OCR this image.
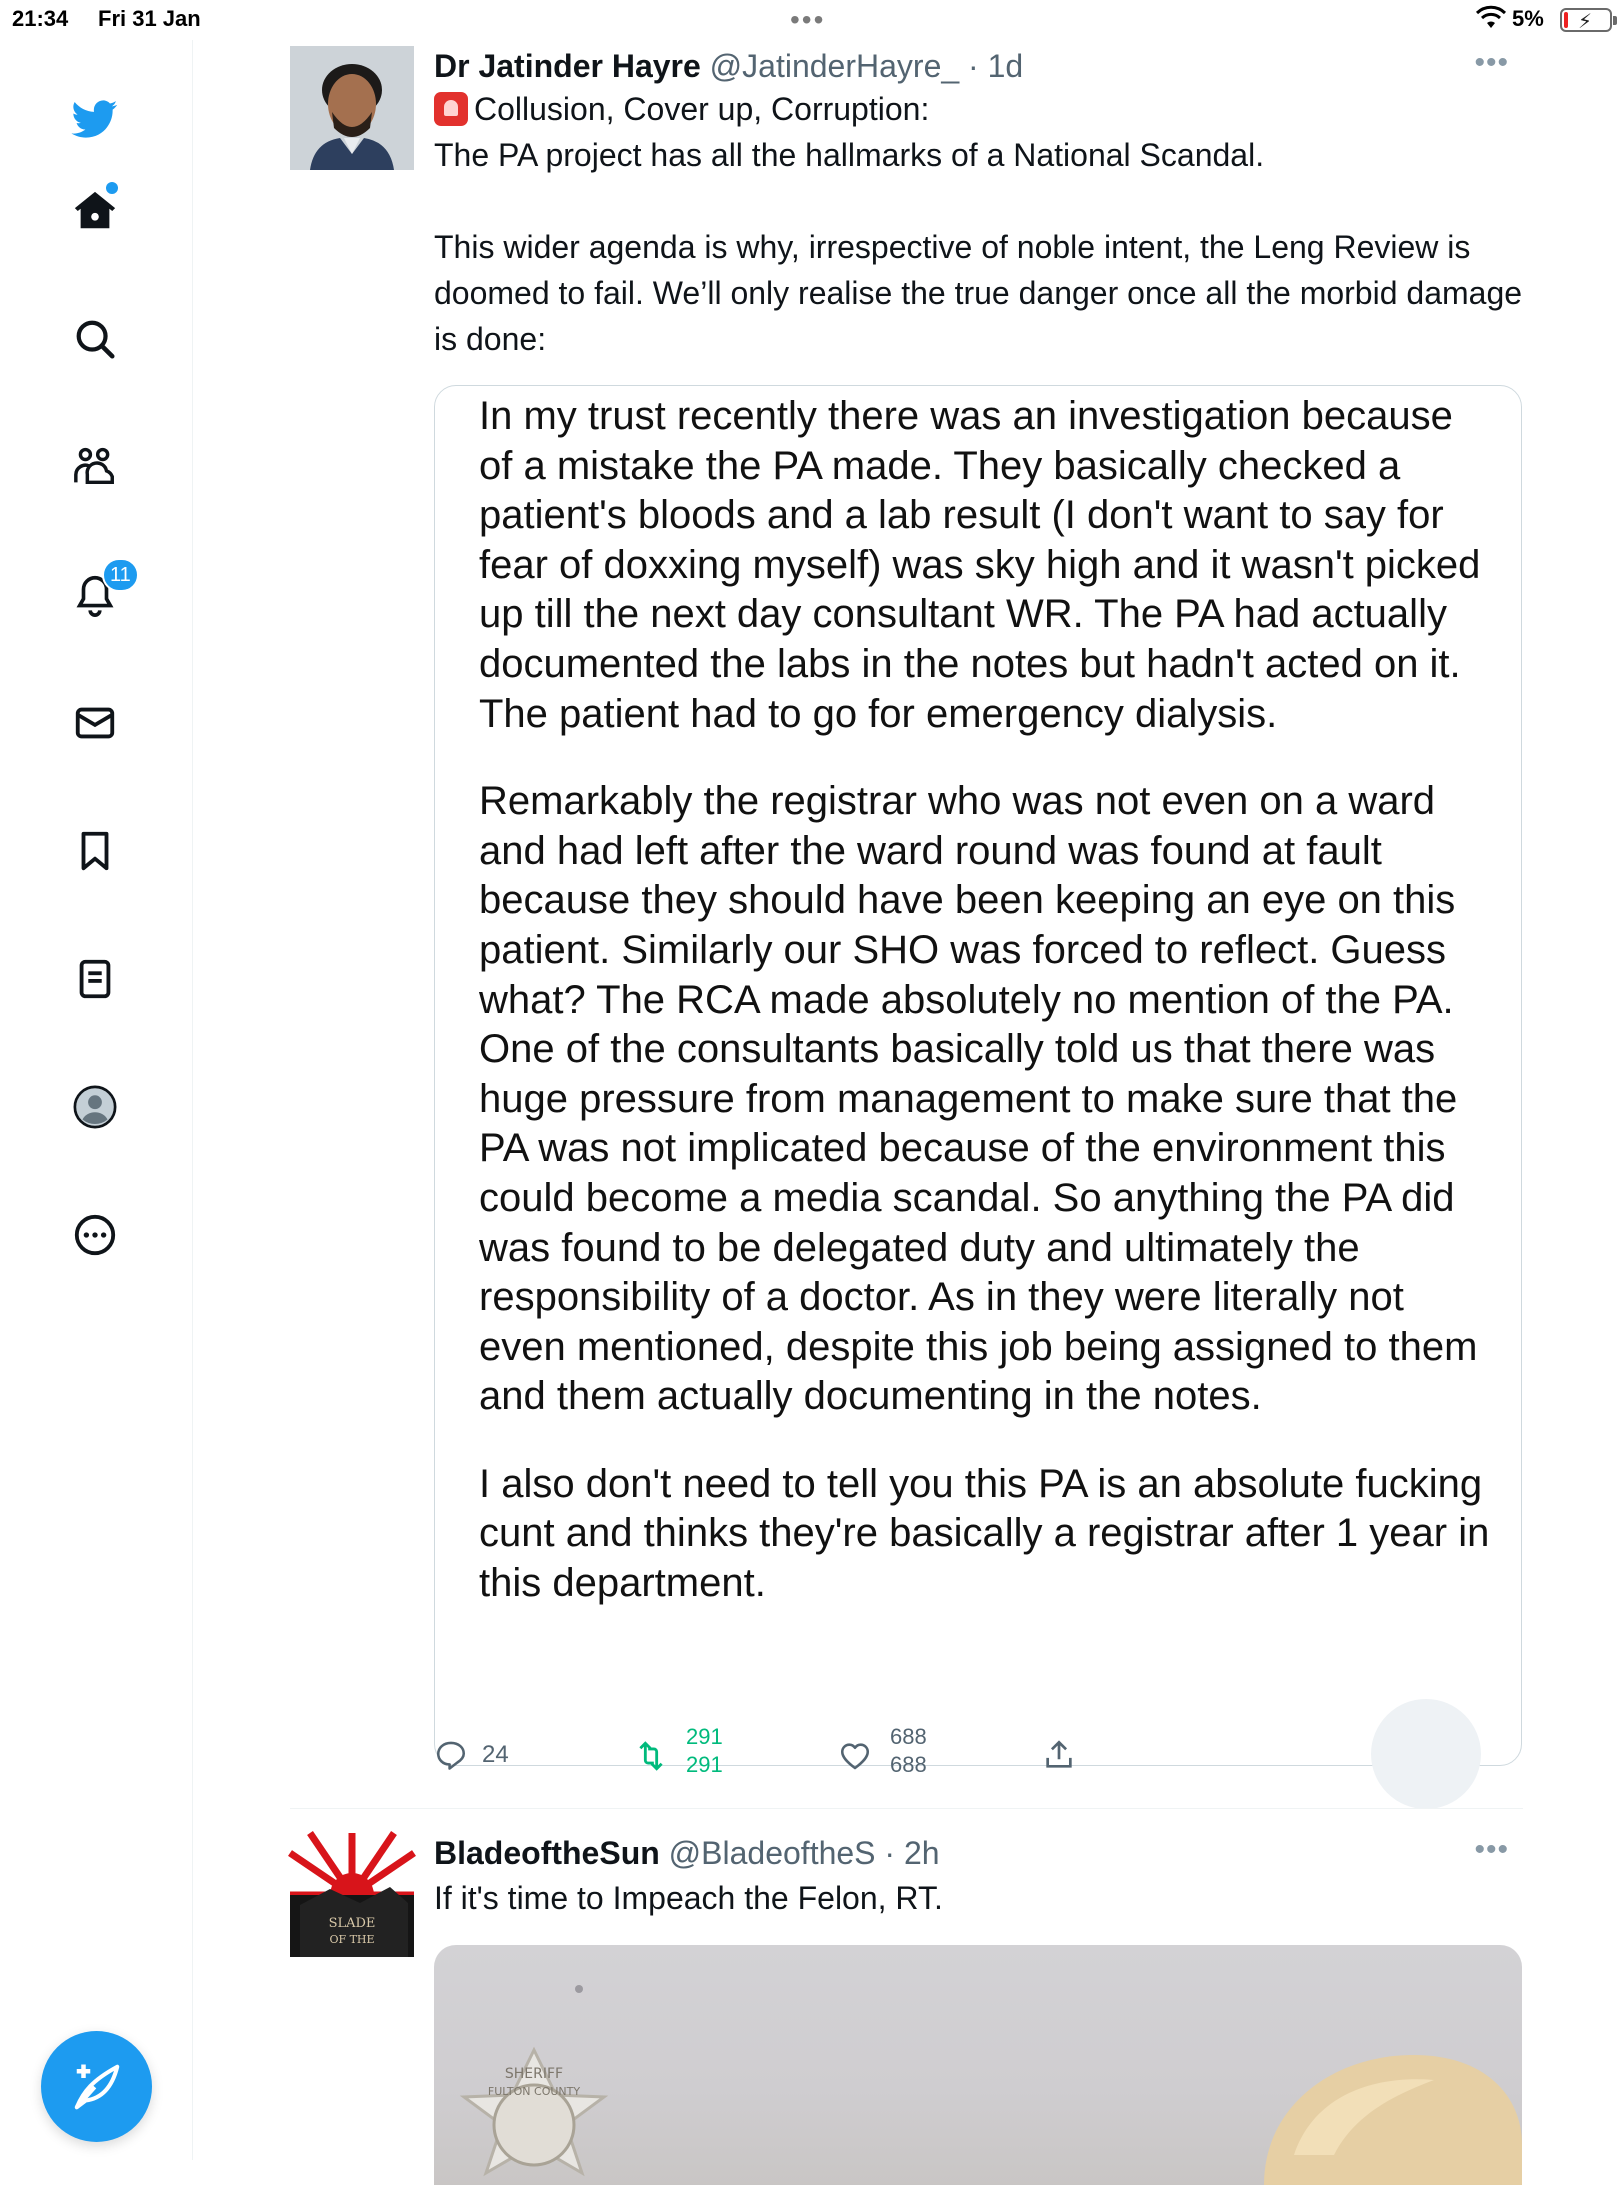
21:34 Fri 31 Jan	•••	5% ⚡
11
Dr Jatinder Hayre @JatinderHayre_ · 1d	•••
Collusion, Cover up, Corruption:
The PA project has all the hallmarks of a National Scandal.
This wider agenda is why, irrespective of noble intent, the Leng Review is doomed to fail. We’ll only realise the true danger once all the morbid damage is done:

In my trust recently there was an investigation because of a mistake the PA made. They basically checked a patient's bloods and a lab result (I don't want to say for fear of doxxing myself) was sky high and it wasn't picked up till the next day consultant WR. The PA had actually documented the labs in the notes but hadn't acted on it. The patient had to go for emergency dialysis.

Remarkably the registrar who was not even on a ward and had left after the ward round was found at fault because they should have been keeping an eye on this patient. Similarly our SHO was forced to reflect. Guess what? The RCA made absolutely no mention of the PA. One of the consultants basically told us that there was huge pressure from management to make sure that the PA was not implicated because of the environment this could become a media scandal. So anything the PA did was found to be delegated duty and ultimately the responsibility of a doctor. As in they were literally not even mentioned, despite this job being assigned to them and them actually documenting in the notes.

I also don't need to tell you this PA is an absolute fucking cunt and thinks they're basically a registrar after 1 year in this department.

24
291
291
688
688
SLADE
OF THE
BladeoftheSun @BladeoftheS · 2h	•••
If it's time to Impeach the Felon, RT.
SHERIFF
FULTON COUNTY
